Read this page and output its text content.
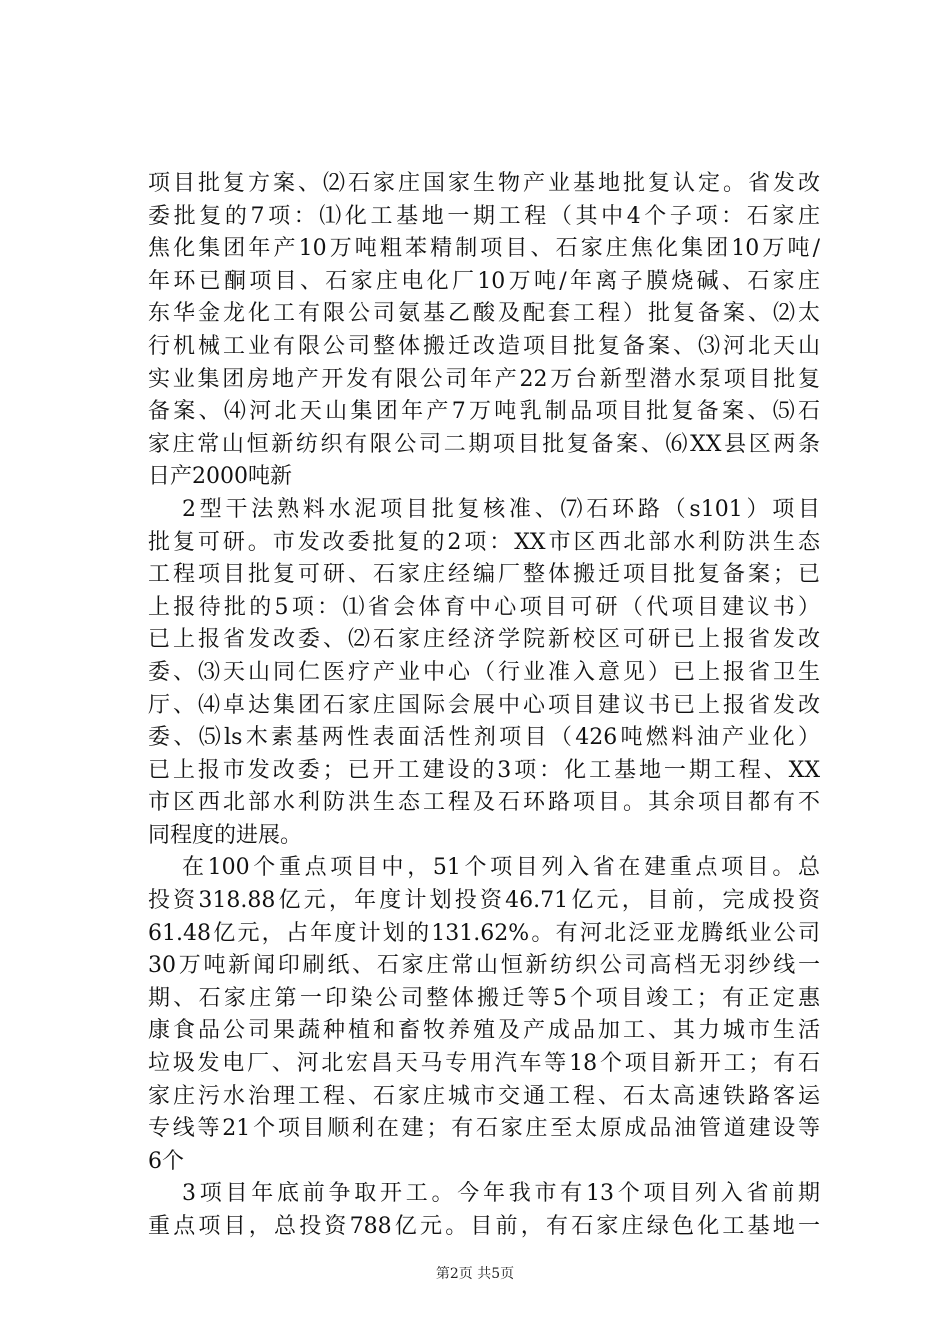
项目批复方案、⑵石家庄国家生物产业基地批复认定。省发改
委批复的7项：⑴化工基地一期工程（其中4个子项：石家庄
焦化集团年产10万吨粗苯精制项目、石家庄焦化集团10万吨/
年环已酮项目、石家庄电化厂10万吨/年离子膜烧碱、石家庄
东华金龙化工有限公司氨基乙酸及配套工程）批复备案、⑵太
行机械工业有限公司整体搬迁改造项目批复备案、⑶河北天山
实业集团房地产开发有限公司年产22万台新型潜水泵项目批复
备案、⑷河北天山集团年产7万吨乳制品项目批复备案、⑸石
家庄常山恒新纺织有限公司二期项目批复备案、⑹XX县区两条
日产2000吨新
2型干法熟料水泥项目批复核准、⑺石环路（s101）项目
批复可研。市发改委批复的2项：XX市区西北部水利防洪生态
工程项目批复可研、石家庄经编厂整体搬迁项目批复备案；已
上报待批的5项：⑴省会体育中心项目可研（代项目建议书）
已上报省发改委、⑵石家庄经济学院新校区可研已上报省发改
委、⑶天山同仁医疗产业中心（行业准入意见）已上报省卫生
厅、⑷卓达集团石家庄国际会展中心项目建议书已上报省发改
委、⑸ls木素基两性表面活性剂项目（426吨燃料油产业化）
已上报市发改委；已开工建设的3项：化工基地一期工程、XX
市区西北部水利防洪生态工程及石环路项目。其余项目都有不
同程度的进展。
在100个重点项目中，51个项目列入省在建重点项目。总
投资318.88亿元，年度计划投资46.71亿元，目前，完成投资
61.48亿元，占年度计划的131.62%。有河北泛亚龙腾纸业公司
30万吨新闻印刷纸、石家庄常山恒新纺织公司高档无羽纱线一
期、石家庄第一印染公司整体搬迁等5个项目竣工；有正定惠
康食品公司果蔬种植和畜牧养殖及产成品加工、其力城市生活
垃圾发电厂、河北宏昌天马专用汽车等18个项目新开工；有石
家庄污水治理工程、石家庄城市交通工程、石太高速铁路客运
专线等21个项目顺利在建；有石家庄至太原成品油管道建设等
6个
3项目年底前争取开工。今年我市有13个项目列入省前期
重点项目，总投资788亿元。目前，有石家庄绿色化工基地一
第2页 共5页
